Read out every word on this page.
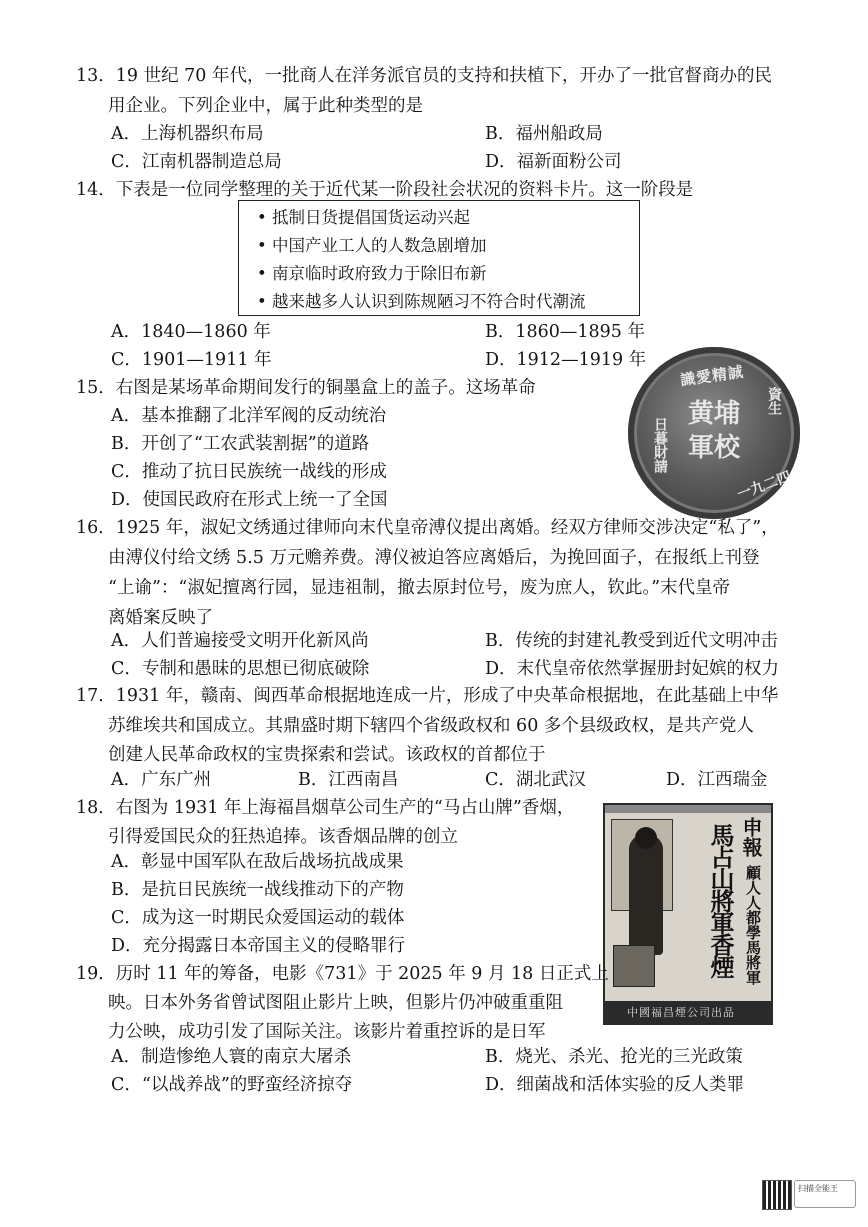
13．19 世纪 70 年代，一批商人在洋务派官员的支持和扶植下，开办了一批官督商办的民
用企业。下列企业中，属于此种类型的是
A．上海机器织布局	B．福州船政局
C．江南机器制造总局	D．福新面粉公司
14．下表是一位同学整理的关于近代某一阶段社会状况的资料卡片。这一阶段是
• 抵制日货提倡国货运动兴起
• 中国产业工人的人数急剧增加
• 南京临时政府致力于除旧布新
• 越来越多人认识到陈规陋习不符合时代潮流
A．1840—1860 年	B．1860—1895 年
C．1901—1911 年	D．1912—1919 年
15．右图是某场革命期间发行的铜墨盒上的盖子。这场革命
A．基本推翻了北洋军阀的反动统治
B．开创了“工农武装割据”的道路
C．推动了抗日民族统一战线的形成
D．使国民政府在形式上统一了全国
識愛精誠
黄埔
軍校
日暮財請
資生
一九二四
16．1925 年，淑妃文绣通过律师向末代皇帝溥仪提出离婚。经双方律师交涉决定“私了”，
由溥仪付给文绣 5.5 万元赡养费。溥仪被迫答应离婚后，为挽回面子，在报纸上刊登
“上谕”：“淑妃擅离行园，显违祖制，撤去原封位号，废为庶人，钦此。”末代皇帝
离婚案反映了
A．人们普遍接受文明开化新风尚	B．传统的封建礼教受到近代文明冲击
C．专制和愚昧的思想已彻底破除	D．末代皇帝依然掌握册封妃嫔的权力
17．1931 年，赣南、闽西革命根据地连成一片，形成了中央革命根据地，在此基础上中华
苏维埃共和国成立。其鼎盛时期下辖四个省级政权和 60 多个县级政权，是共产党人
创建人民革命政权的宝贵探索和尝试。该政权的首都位于
A．广东广州	B．江西南昌	C．湖北武汉	D．江西瑞金
18．右图为 1931 年上海福昌烟草公司生产的“马占山牌”香烟，
引得爱国民众的狂热追捧。该香烟品牌的创立
A．彰显中国军队在敌后战场抗战成果
B．是抗日民族统一战线推动下的产物
C．成为这一时期民众爱国运动的载体
D．充分揭露日本帝国主义的侵略罪行
申報
馬占山將軍香煙 顧人人都學馬將軍
中國福昌煙公司出品
19．历时 11 年的筹备，电影《731》于 2025 年 9 月 18 日正式上
映。日本外务省曾试图阻止影片上映，但影片仍冲破重重阻
力公映，成功引发了国际关注。该影片着重控诉的是日军
A．制造惨绝人寰的南京大屠杀	B．烧光、杀光、抢光的三光政策
C．“以战养战”的野蛮经济掠夺	D．细菌战和活体实验的反人类罪
扫描全能王
